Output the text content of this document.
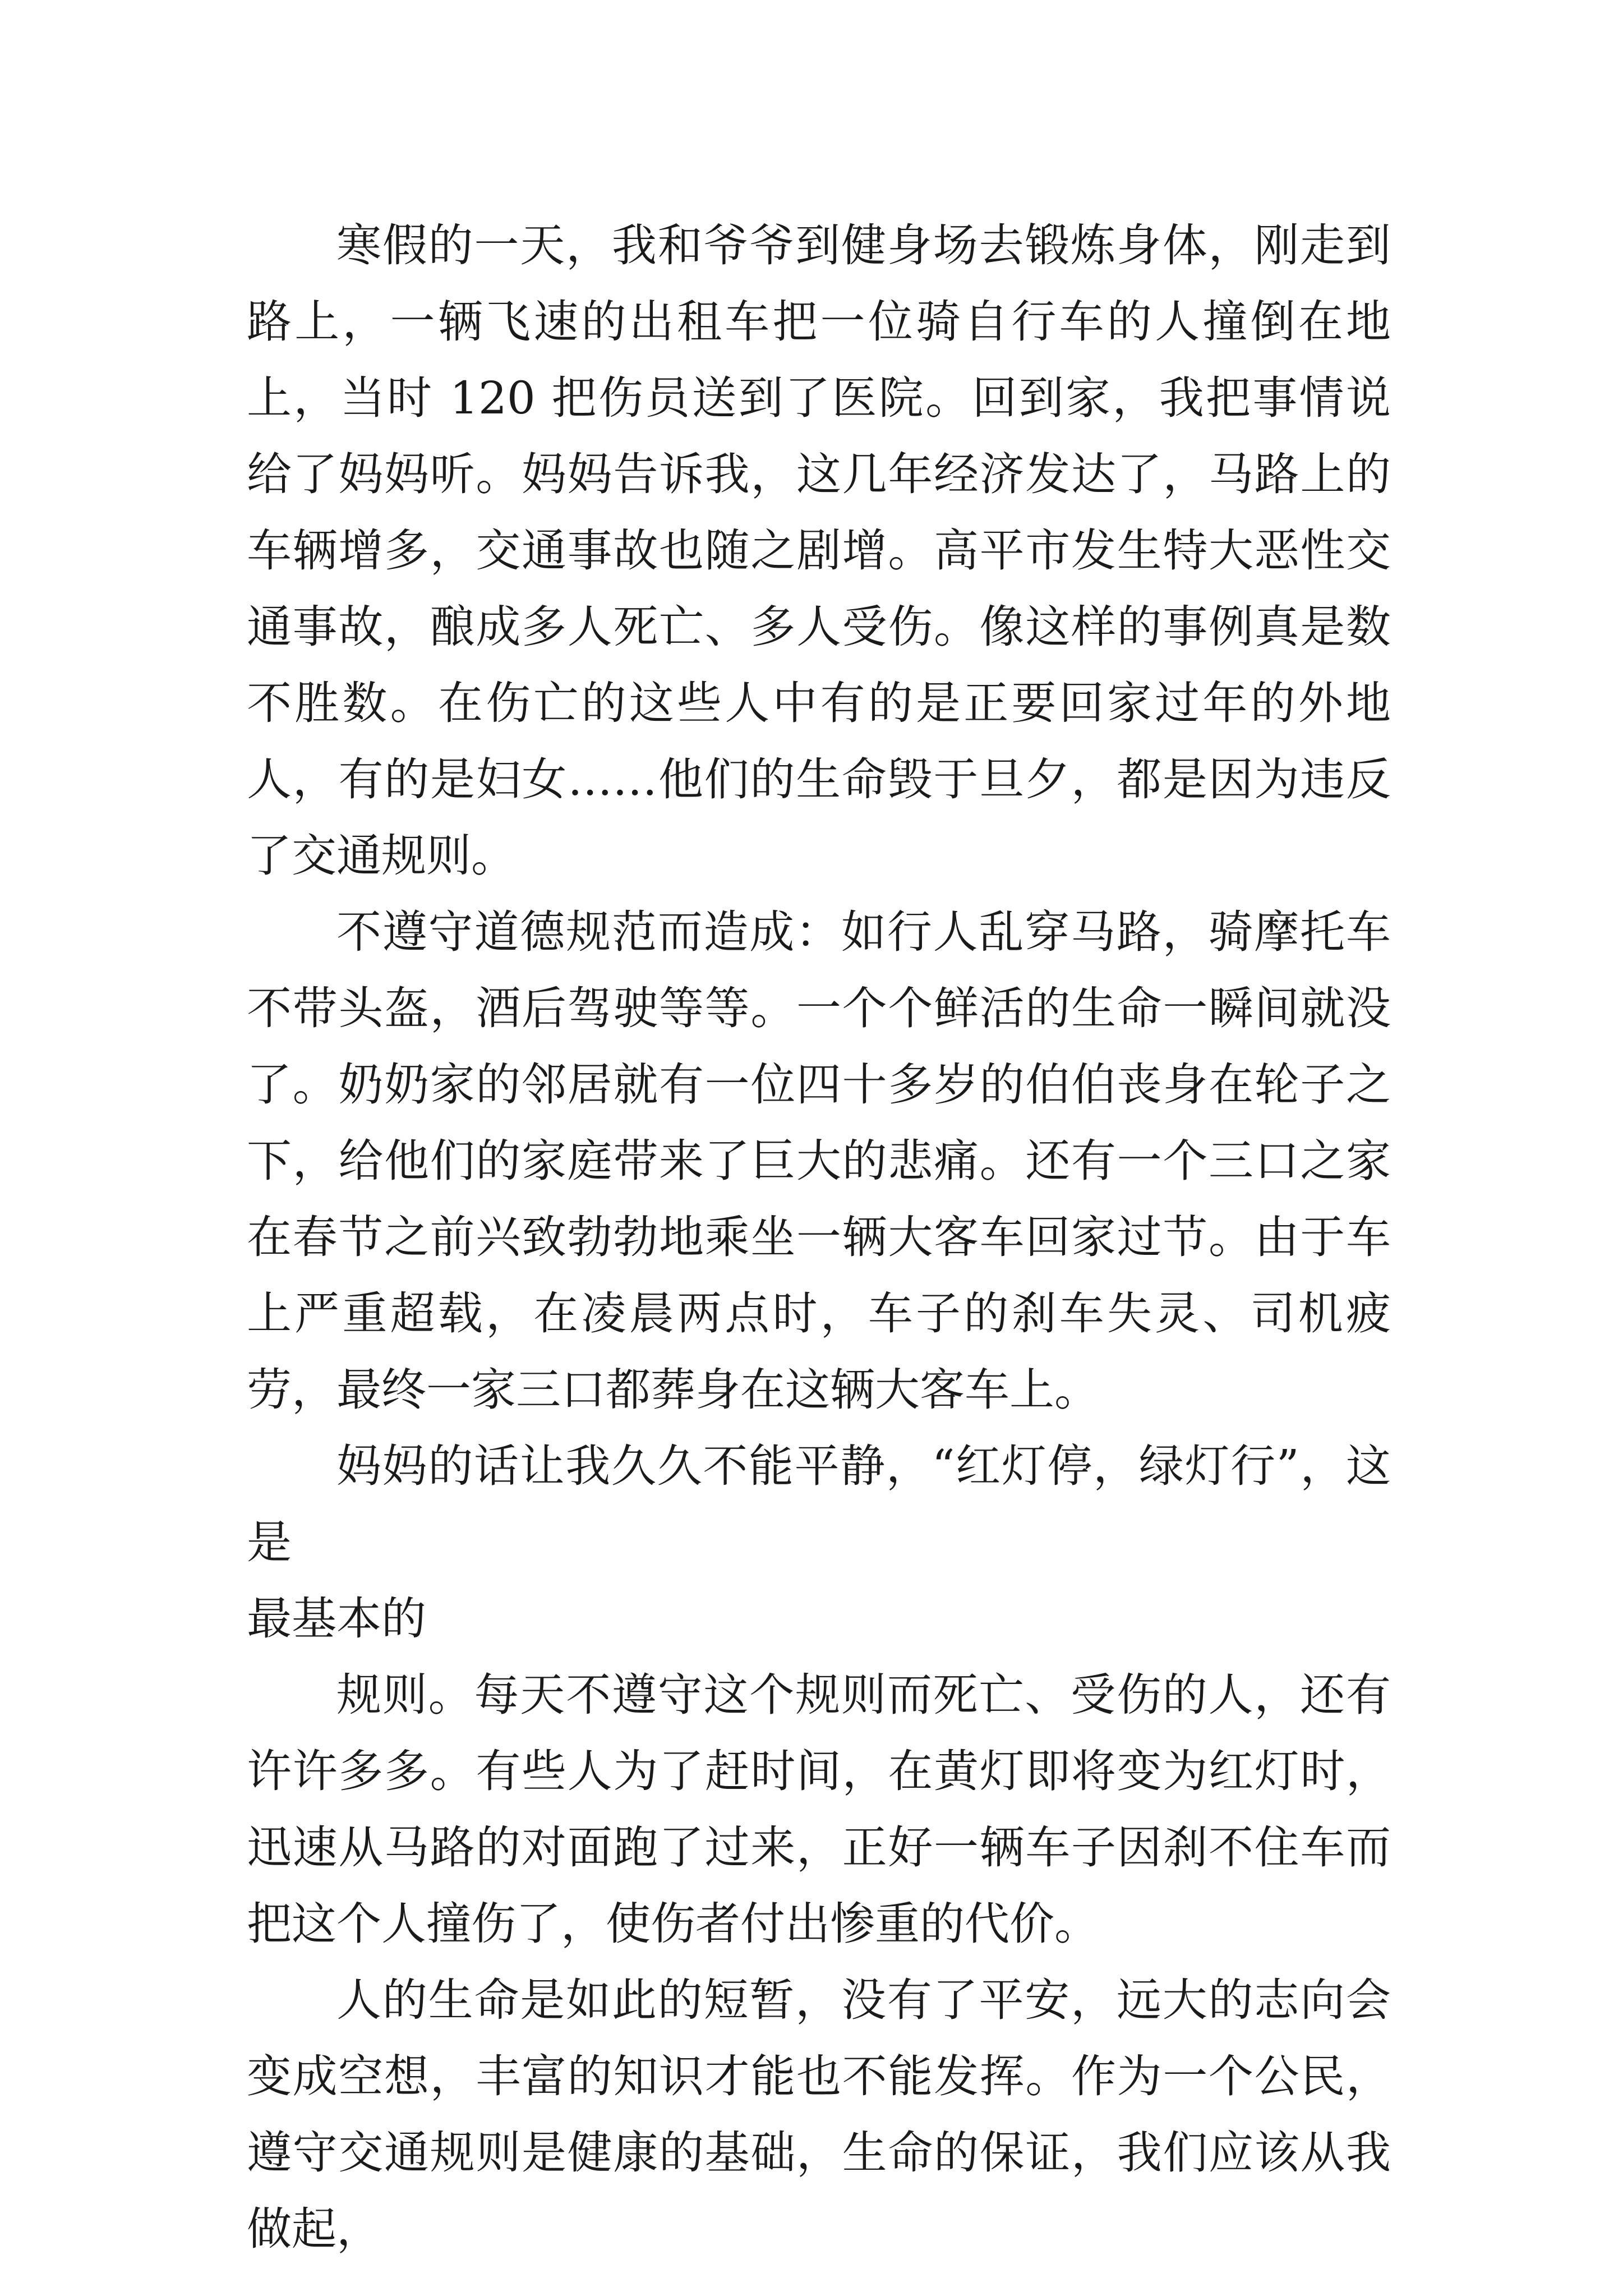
寒假的一天，我和爷爷到健身场去锻炼身体，刚走到路上，一辆飞速的出租车把一位骑自行车的人撞倒在地上，当时 120 把伤员送到了医院。回到家，我把事情说给了妈妈听。妈妈告诉我，这几年经济发达了，马路上的车辆增多，交通事故也随之剧增。高平市发生特大恶性交通事故，酿成多人死亡、多人受伤。像这样的事例真是数不胜数。在伤亡的这些人中有的是正要回家过年的外地人，有的是妇女……他们的生命毁于旦夕，都是因为违反了交通规则。

不遵守道德规范而造成：如行人乱穿马路，骑摩托车不带头盔，酒后驾驶等等。一个个鲜活的生命一瞬间就没了。奶奶家的邻居就有一位四十多岁的伯伯丧身在轮子之下，给他们的家庭带来了巨大的悲痛。还有一个三口之家在春节之前兴致勃勃地乘坐一辆大客车回家过节。由于车上严重超载，在凌晨两点时，车子的刹车失灵、司机疲劳，最终一家三口都葬身在这辆大客车上。

妈妈的话让我久久不能平静，“红灯停，绿灯行”，这是

最基本的

规则。每天不遵守这个规则而死亡、受伤的人，还有许许多多。有些人为了赶时间，在黄灯即将变为红灯时，迅速从马路的对面跑了过来，正好一辆车子因刹不住车而把这个人撞伤了，使伤者付出惨重的代价。

人的生命是如此的短暂，没有了平安，远大的志向会变成空想，丰富的知识才能也不能发挥。作为一个公民，遵守交通规则是健康的基础，生命的保证，我们应该从我做起，
